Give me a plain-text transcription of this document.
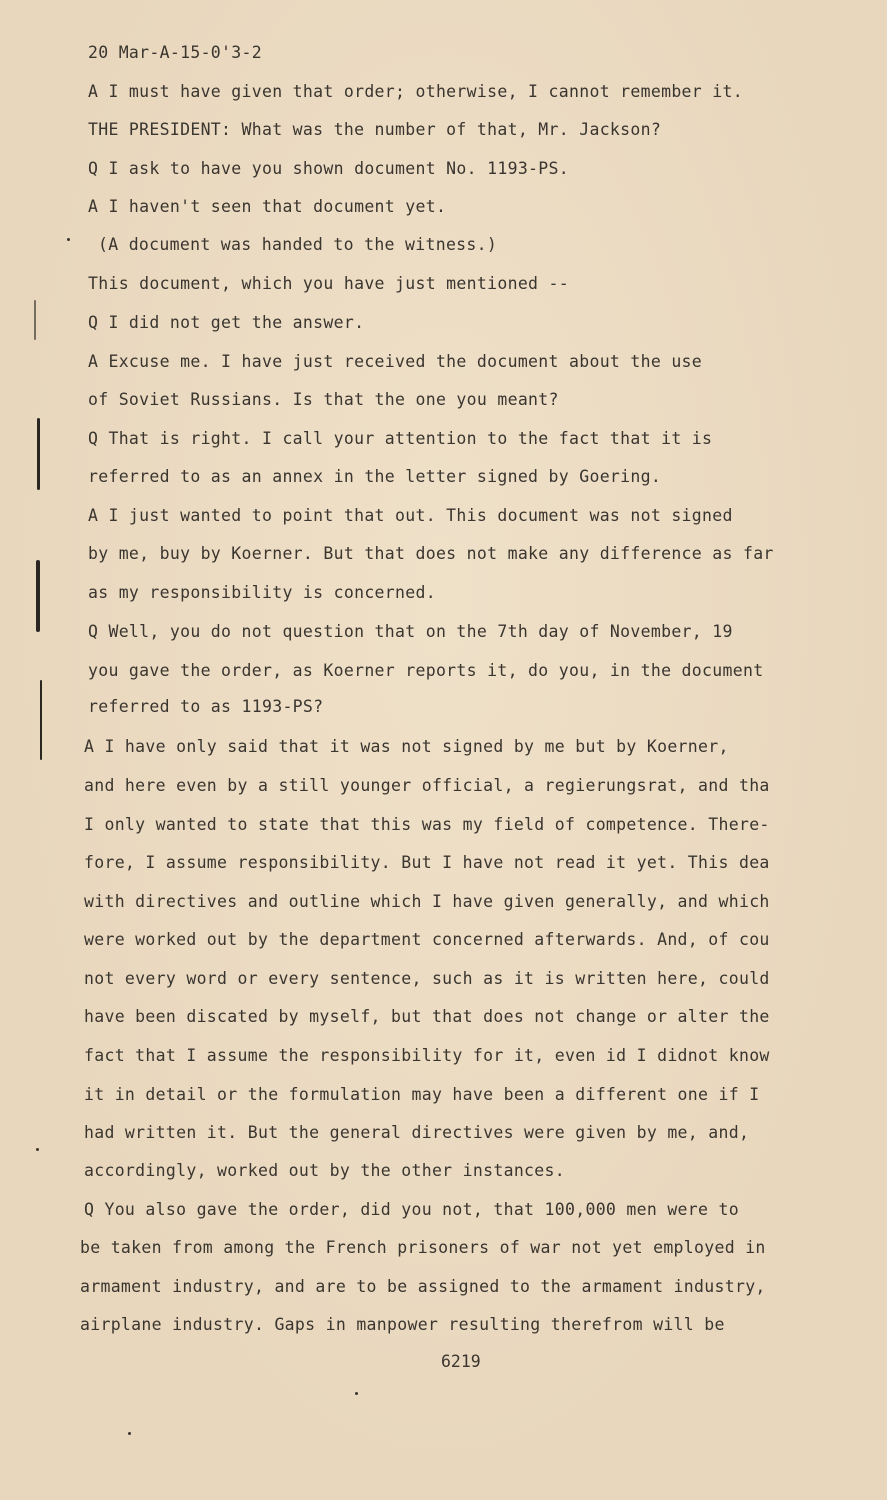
20 Mar-A-15-0'3-2
A I must have given that order; otherwise, I cannot remember it.
THE PRESIDENT: What was the number of that, Mr. Jackson?
Q I ask to have you shown document No. 1193-PS.
A I haven't seen that document yet.
(A document was handed to the witness.)
This document, which you have just mentioned --
Q I did not get the answer.
A Excuse me. I have just received the document about the use
of Soviet Russians. Is that the one you meant?
Q That is right. I call your attention to the fact that it is
referred to as an annex in the letter signed by Goering.
A I just wanted to point that out. This document was not signed
by me, buy by Koerner. But that does not make any difference as far
as my responsibility is concerned.
Q Well, you do not question that on the 7th day of November, 19
you gave the order, as Koerner reports it, do you, in the document
referred to as 1193-PS?
A I have only said that it was not signed by me but by Koerner,
and here even by a still younger official, a regierungsrat, and tha
I only wanted to state that this was my field of competence. There-
fore, I assume responsibility. But I have not read it yet. This dea
with directives and outline which I have given generally, and which
were worked out by the department concerned afterwards. And, of cou
not every word or every sentence, such as it is written here, could
have been discated by myself, but that does not change or alter the
fact that I assume the responsibility for it, even id I didnot know
it in detail or the formulation may have been a different one if I
had written it. But the general directives were given by me, and,
accordingly, worked out by the other instances.
Q You also gave the order, did you not, that 100,000 men were to
be taken from among the French prisoners of war not yet employed in
armament industry, and are to be assigned to the armament industry,
airplane industry. Gaps in manpower resulting therefrom will be
6219
